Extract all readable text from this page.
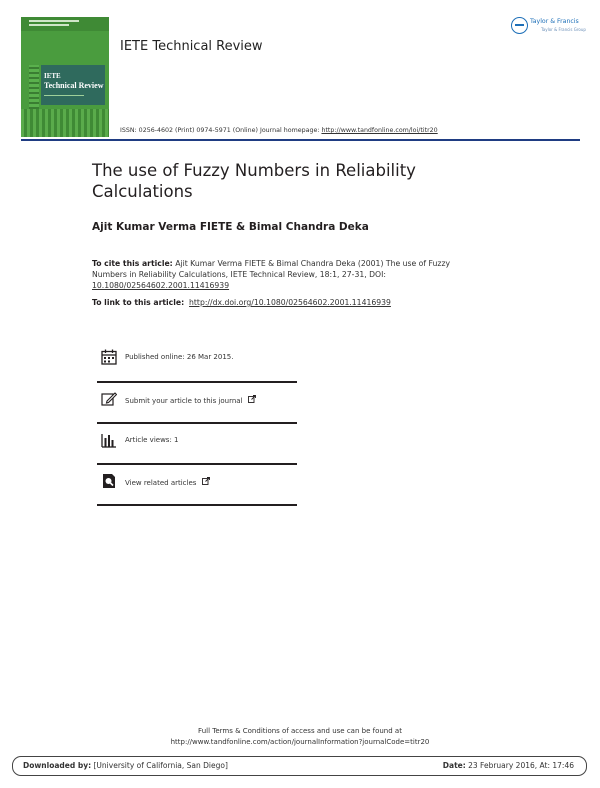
IETE
Technical Review
IETE Technical Review
Taylor & Francis
Taylor & Francis Group
ISSN: 0256-4602 (Print) 0974-5971 (Online) Journal homepage: http://www.tandfonline.com/loi/titr20
The use of Fuzzy Numbers in Reliability Calculations
Ajit Kumar Verma FIETE & Bimal Chandra Deka
To cite this article: Ajit Kumar Verma FIETE & Bimal Chandra Deka (2001) The use of Fuzzy Numbers in Reliability Calculations, IETE Technical Review, 18:1, 27-31, DOI: 10.1080/02564602.2001.11416939
To link to this article: http://dx.doi.org/10.1080/02564602.2001.11416939
Published online: 26 Mar 2015.
Submit your article to this journal
Article views: 1
View related articles
Full Terms & Conditions of access and use can be found at
http://www.tandfonline.com/action/journalInformation?journalCode=titr20
Downloaded by: [University of California, San Diego]	Date: 23 February 2016, At: 17:46
